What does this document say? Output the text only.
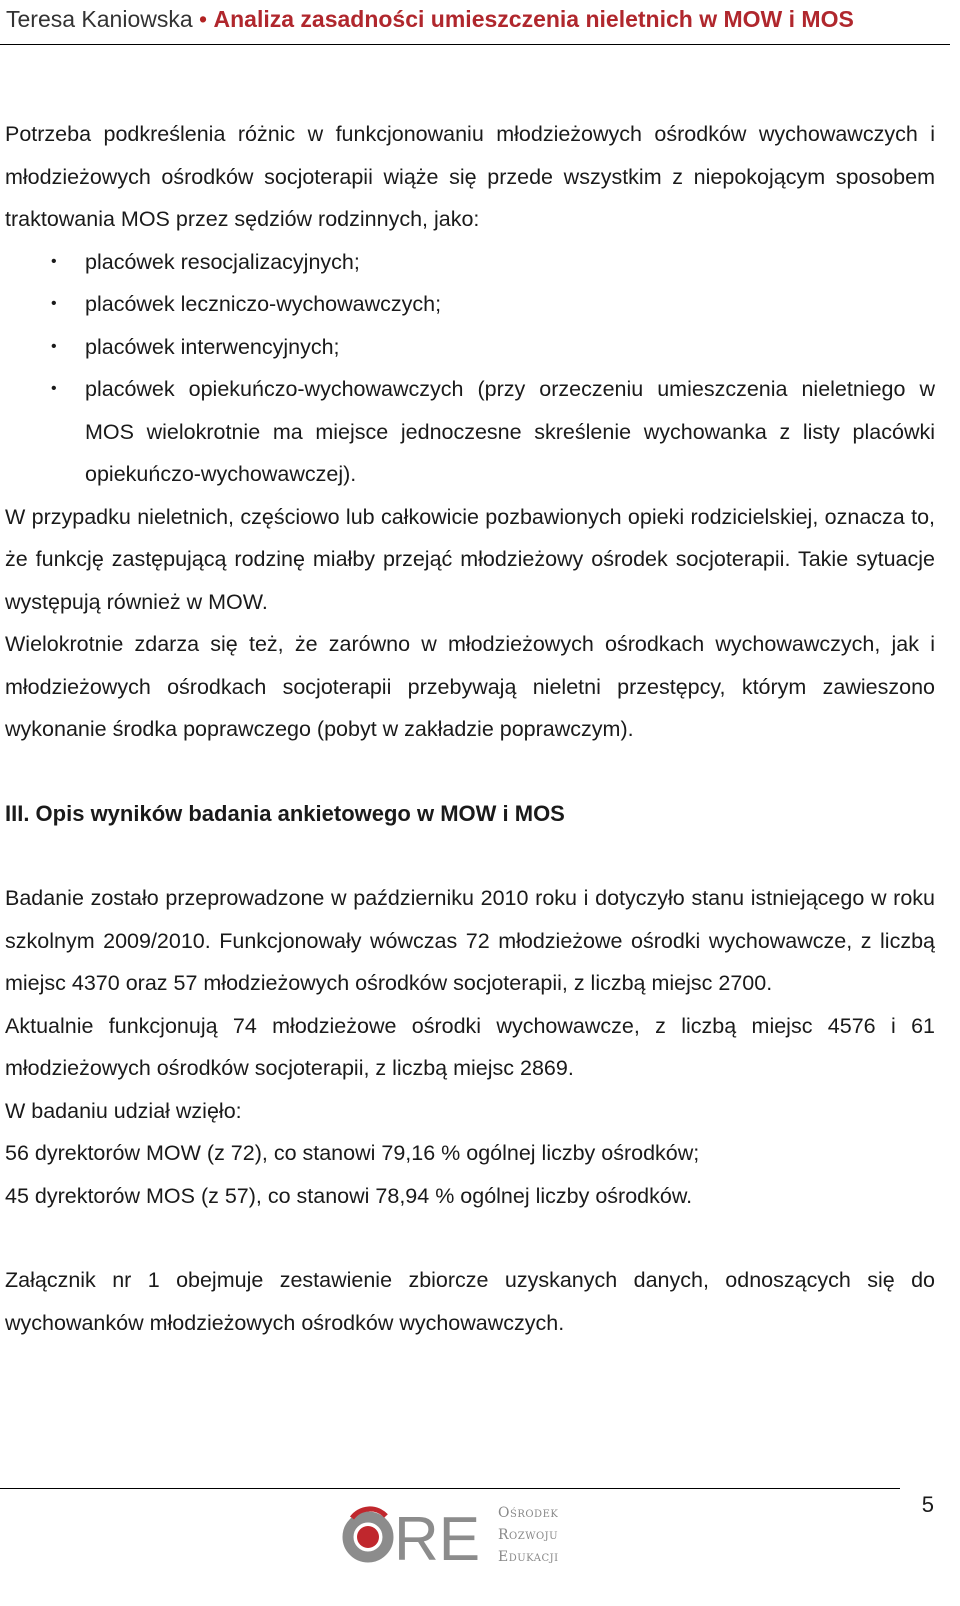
Teresa Kaniowska • Analiza zasadności umieszczenia nieletnich w MOW i MOS

Potrzeba podkreślenia różnic w funkcjonowaniu młodzieżowych ośrodków wychowawczych i młodzieżowych ośrodków socjoterapii wiąże się przede wszystkim z niepokojącym sposobem traktowania MOS przez sędziów rodzinnych, jako:

• placówek resocjalizacyjnych;

• placówek leczniczo-wychowawczych;

• placówek interwencyjnych;

• placówek opiekuńczo-wychowawczych (przy orzeczeniu umieszczenia nieletniego w MOS wielokrotnie ma miejsce jednoczesne skreślenie wychowanka z listy placówki opiekuńczo-wychowawczej).

W przypadku nieletnich, częściowo lub całkowicie pozbawionych opieki rodzicielskiej, oznacza to, że funkcję zastępującą rodzinę miałby przejąć młodzieżowy ośrodek socjoterapii. Takie sytuacje występują również w MOW.

Wielokrotnie zdarza się też, że zarówno w młodzieżowych ośrodkach wychowawczych, jak i młodzieżowych ośrodkach socjoterapii przebywają nieletni przestępcy, którym zawieszono wykonanie środka poprawczego (pobyt w zakładzie poprawczym).

III. Opis wyników badania ankietowego w MOW i MOS

Badanie zostało przeprowadzone w październiku 2010 roku i dotyczyło stanu istniejącego w roku szkolnym 2009/2010. Funkcjonowały wówczas 72 młodzieżowe ośrodki wychowawcze, z liczbą miejsc 4370 oraz 57 młodzieżowych ośrodków socjoterapii, z liczbą miejsc 2700.

Aktualnie funkcjonują 74 młodzieżowe ośrodki wychowawcze, z liczbą miejsc 4576 i 61 młodzieżowych ośrodków socjoterapii, z liczbą miejsc 2869.

W badaniu udział wzięło:

56 dyrektorów MOW (z 72), co stanowi 79,16 % ogólnej liczby ośrodków;

45 dyrektorów MOS (z 57), co stanowi 78,94 % ogólnej liczby ośrodków.

Załącznik nr 1 obejmuje zestawienie zbiorcze uzyskanych danych, odnoszących się do wychowanków młodzieżowych ośrodków wychowawczych.

5
RE Ośrodek
Rozwoju
Edukacji
